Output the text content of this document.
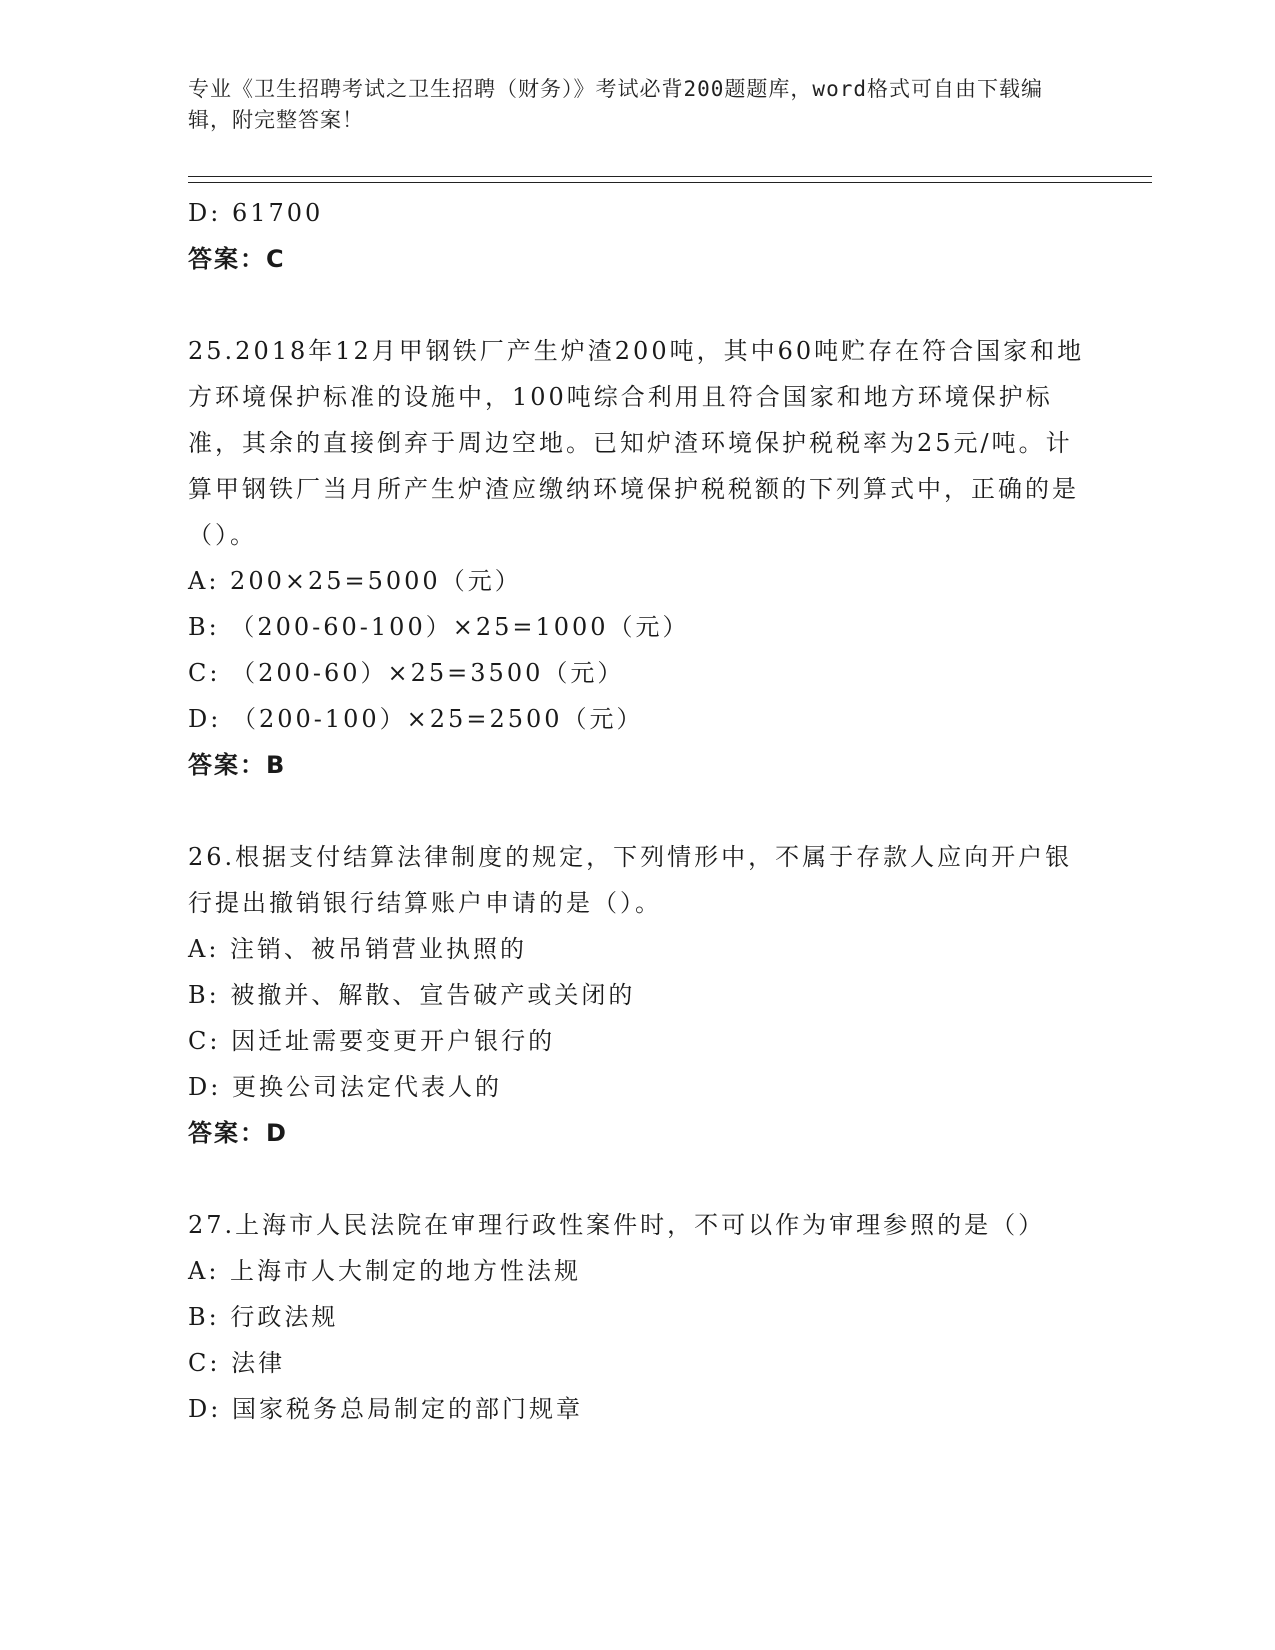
专业《卫生招聘考试之卫生招聘（财务）》考试必背200题题库，word格式可自由下载编辑，附完整答案！

D: 61700

答案：C

25.2018年12月甲钢铁厂产生炉渣200吨，其中60吨贮存在符合国家和地方环境保护标准的设施中，100吨综合利用且符合国家和地方环境保护标准，其余的直接倒弃于周边空地。已知炉渣环境保护税税率为25元/吨。计算甲钢铁厂当月所产生炉渣应缴纳环境保护税税额的下列算式中，正确的是（）。

A: 200×25=5000（元）

B: （200-60-100）×25=1000（元）

C: （200-60）×25=3500（元）

D: （200-100）×25=2500（元）

答案：B

26.根据支付结算法律制度的规定，下列情形中，不属于存款人应向开户银行提出撤销银行结算账户申请的是（）。

A: 注销、被吊销营业执照的

B: 被撤并、解散、宣告破产或关闭的

C: 因迁址需要变更开户银行的

D: 更换公司法定代表人的

答案：D

27.上海市人民法院在审理行政性案件时，不可以作为审理参照的是（）

A: 上海市人大制定的地方性法规

B: 行政法规

C: 法律

D: 国家税务总局制定的部门规章
